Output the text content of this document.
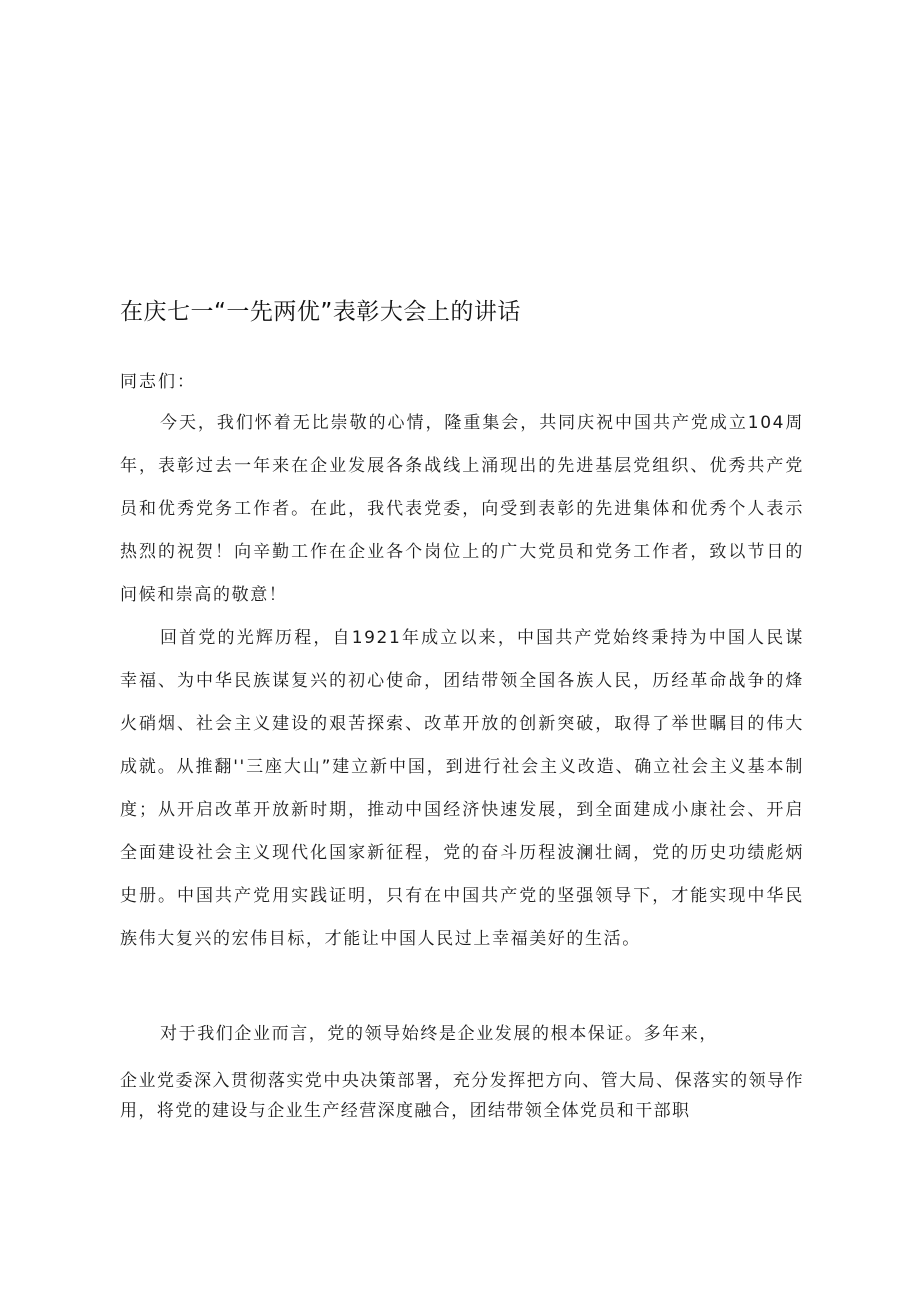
在庆七一“一先两优”表彰大会上的讲话
同志们：

今天，我们怀着无比崇敬的心情，隆重集会，共同庆祝中国共产党成立104周年，表彰过去一年来在企业发展各条战线上涌现出的先进基层党组织、优秀共产党员和优秀党务工作者。在此，我代表党委，向受到表彰的先进集体和优秀个人表示热烈的祝贺！向辛勤工作在企业各个岗位上的广大党员和党务工作者，致以节日的问候和崇高的敬意！

回首党的光辉历程，自1921年成立以来，中国共产党始终秉持为中国人民谋幸福、为中华民族谋复兴的初心使命，团结带领全国各族人民，历经革命战争的烽火硝烟、社会主义建设的艰苦探索、改革开放的创新突破，取得了举世瞩目的伟大成就。从推翻''三座大山”建立新中国，到进行社会主义改造、确立社会主义基本制度；从开启改革开放新时期，推动中国经济快速发展，到全面建成小康社会、开启全面建设社会主义现代化国家新征程，党的奋斗历程波澜壮阔，党的历史功绩彪炳史册。中国共产党用实践证明，只有在中国共产党的坚强领导下，才能实现中华民族伟大复兴的宏伟目标，才能让中国人民过上幸福美好的生活。

对于我们企业而言，党的领导始终是企业发展的根本保证。多年来，

企业党委深入贯彻落实党中央决策部署，充分发挥把方向、管大局、保落实的领导作用，将党的建设与企业生产经营深度融合，团结带领全体党员和干部职
